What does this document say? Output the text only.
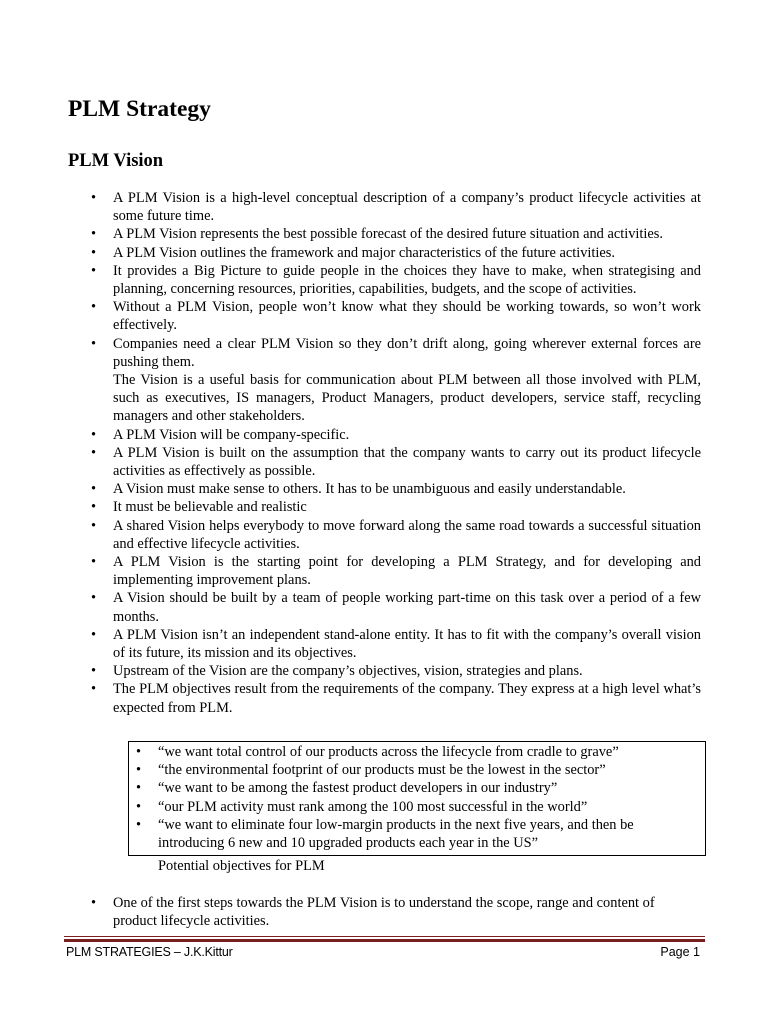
PLM Strategy
PLM Vision
• A PLM Vision is a high-level conceptual description of a company’s product lifecycle activities at some future time.
• A PLM Vision represents the best possible forecast of the desired future situation and activities.
• A PLM Vision outlines the framework and major characteristics of the future activities.
• It provides a Big Picture to guide people in the choices they have to make, when strategising and planning, concerning resources, priorities, capabilities, budgets, and the scope of activities.
• Without a PLM Vision, people won’t know what they should be working towards, so won’t work effectively.
• Companies need a clear PLM Vision so they don’t drift along, going wherever external forces are pushing them.
The Vision is a useful basis for communication about PLM between all those involved with PLM, such as executives, IS managers, Product Managers, product developers, service staff, recycling managers and other stakeholders.
• A PLM Vision will be company-specific.
• A PLM Vision is built on the assumption that the company wants to carry out its product lifecycle activities as effectively as possible.
• A Vision must make sense to others. It has to be unambiguous and easily understandable.
• It must be believable and realistic
• A shared Vision helps everybody to move forward along the same road towards a successful situation and effective lifecycle activities.
• A PLM Vision is the starting point for developing a PLM Strategy, and for developing and implementing improvement plans.
• A Vision should be built by a team of people working part-time on this task over a period of a few months.
• A PLM Vision isn’t an independent stand-alone entity. It has to fit with the company’s overall vision of its future, its mission and its objectives.
• Upstream of the Vision are the company’s objectives, vision, strategies and plans.
• The PLM objectives result from the requirements of the company. They express at a high level what’s expected from PLM.
• “we want total control of our products across the lifecycle from cradle to grave”
• “the environmental footprint of our products must be the lowest in the sector”
• “we want to be among the fastest product developers in our industry”
• “our PLM activity must rank among the 100 most successful in the world”
• “we want to eliminate four low-margin products in the next five years, and then be introducing 6 new and 10 upgraded products each year in the US”

Potential objectives for PLM

• One of the first steps towards the PLM Vision is to understand the scope, range and content of product lifecycle activities.
PLM STRATEGIES – J.K.Kittur	Page 1
